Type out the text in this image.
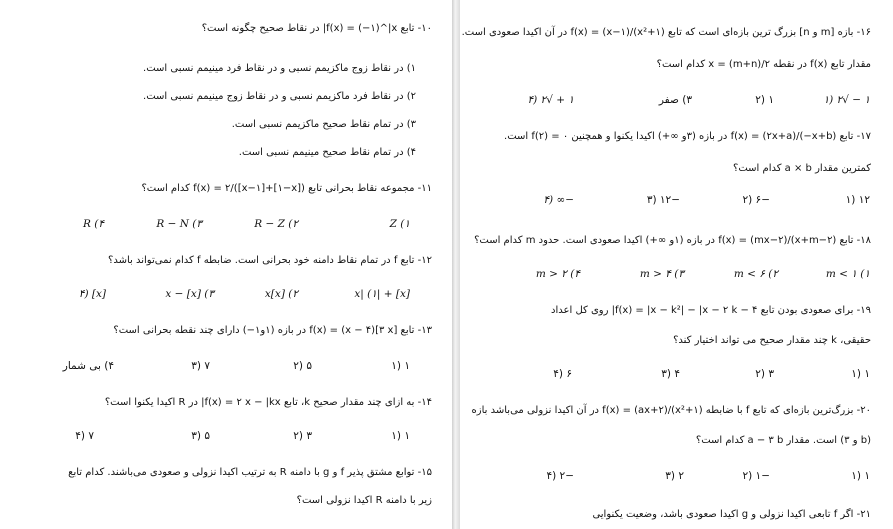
۱۰- تابع f(x) = (−۱)^|x| در نقاط صحیح چگونه است؟
۱) در نقاط زوج ماکزیمم نسبی و در نقاط فرد مینیمم نسبی است.
۲) در نقاط فرد ماکزیمم نسبی و در نقاط زوج مینیمم نسبی است.
۳) در تمام نقاط صحیح ماکزیمم نسبی است.
۴) در تمام نقاط صحیح مینیمم نسبی است.
۱۱- مجموعه نقاط بحرانی تابع f(x) = ۲/([x−۱]+[۱−x]) کدام است؟
Z (۱
R − Z (۲
R − N (۳
R (۴
۱۲- تابع f در تمام نقاط دامنه خود بحرانی است. ضابطه f کدام نمی‌تواند باشد؟
[x] + |x| (۱
x[x] (۲
x − [x] (۳
[x] (۴
۱۳- تابع f(x) = (x − ۴)[۳ x] در بازه (۱و۱−) دارای چند نقطه بحرانی است؟
۱ (۱
۵ (۲
۷ (۳
۴) بی شمار
۱۴- به ازای چند مقدار صحیح k، تابع f(x) = ۲ x − |kx| در R اکیدا یکنوا است؟
۱ (۱
۳ (۲
۵ (۳
۷ (۴
۱۵- توابع مشتق پذیر f و g با دامنه R به ترتیب اکیدا نزولی و صعودی می‌باشند. کدام تابع
زیر با دامنه R اکیدا نزولی است؟
۱۶- بازه [m و n] بزرگ ترین بازه‌ای است که تابع f(x) = (x−۱)/(x²+۱) در آن اکیدا صعودی است.
مقدار تابع f(x) در نقطه x = (m+n)/۲ کدام است؟
۱ − √۲ (۱
۱ (۲
۳) صفر
۱ + √۲ (۴
۱۷- تابع f(x) = (۲x+a)/(−x+b) در بازه (۳و ∞+) اکیدا یکنوا و همچنین ۰ = f(۲) است.
کمترین مقدار a × b کدام است؟
۱۲ (۱
−۶ (۲
−۱۲ (۳
−∞ (۴
۱۸- تابع f(x) = (mx−۲)/(x+m−۲) در بازه (۱و ∞+) اکیدا صعودی است. حدود m کدام است؟
m < ۱ (۱
m < ۶ (۲
m > ۴ (۳
m > ۲ (۴
۱۹- برای صعودی بودن تابع f(x) = |x − k²| − |x − ۲ k − ۴| روی کل اعداد
حقیقی، k چند مقدار صحیح می تواند اختیار کند؟
۱ (۱
۳ (۲
۴ (۳
۶ (۴
۲۰- بزرگ‌ترین بازه‌ای که تابع f با ضابطه f(x) = (ax+۲)/(x²+۱) در آن اکیدا نزولی می‌باشد بازه
(b و ۳) است. مقدار a − ۳ b کدام است؟
۱ (۱
−۱ (۲
۲ (۳
−۲ (۴
۲۱- اگر f تابعی اکیدا نزولی و g اکیدا صعودی باشد، وضعیت یکنوایی
